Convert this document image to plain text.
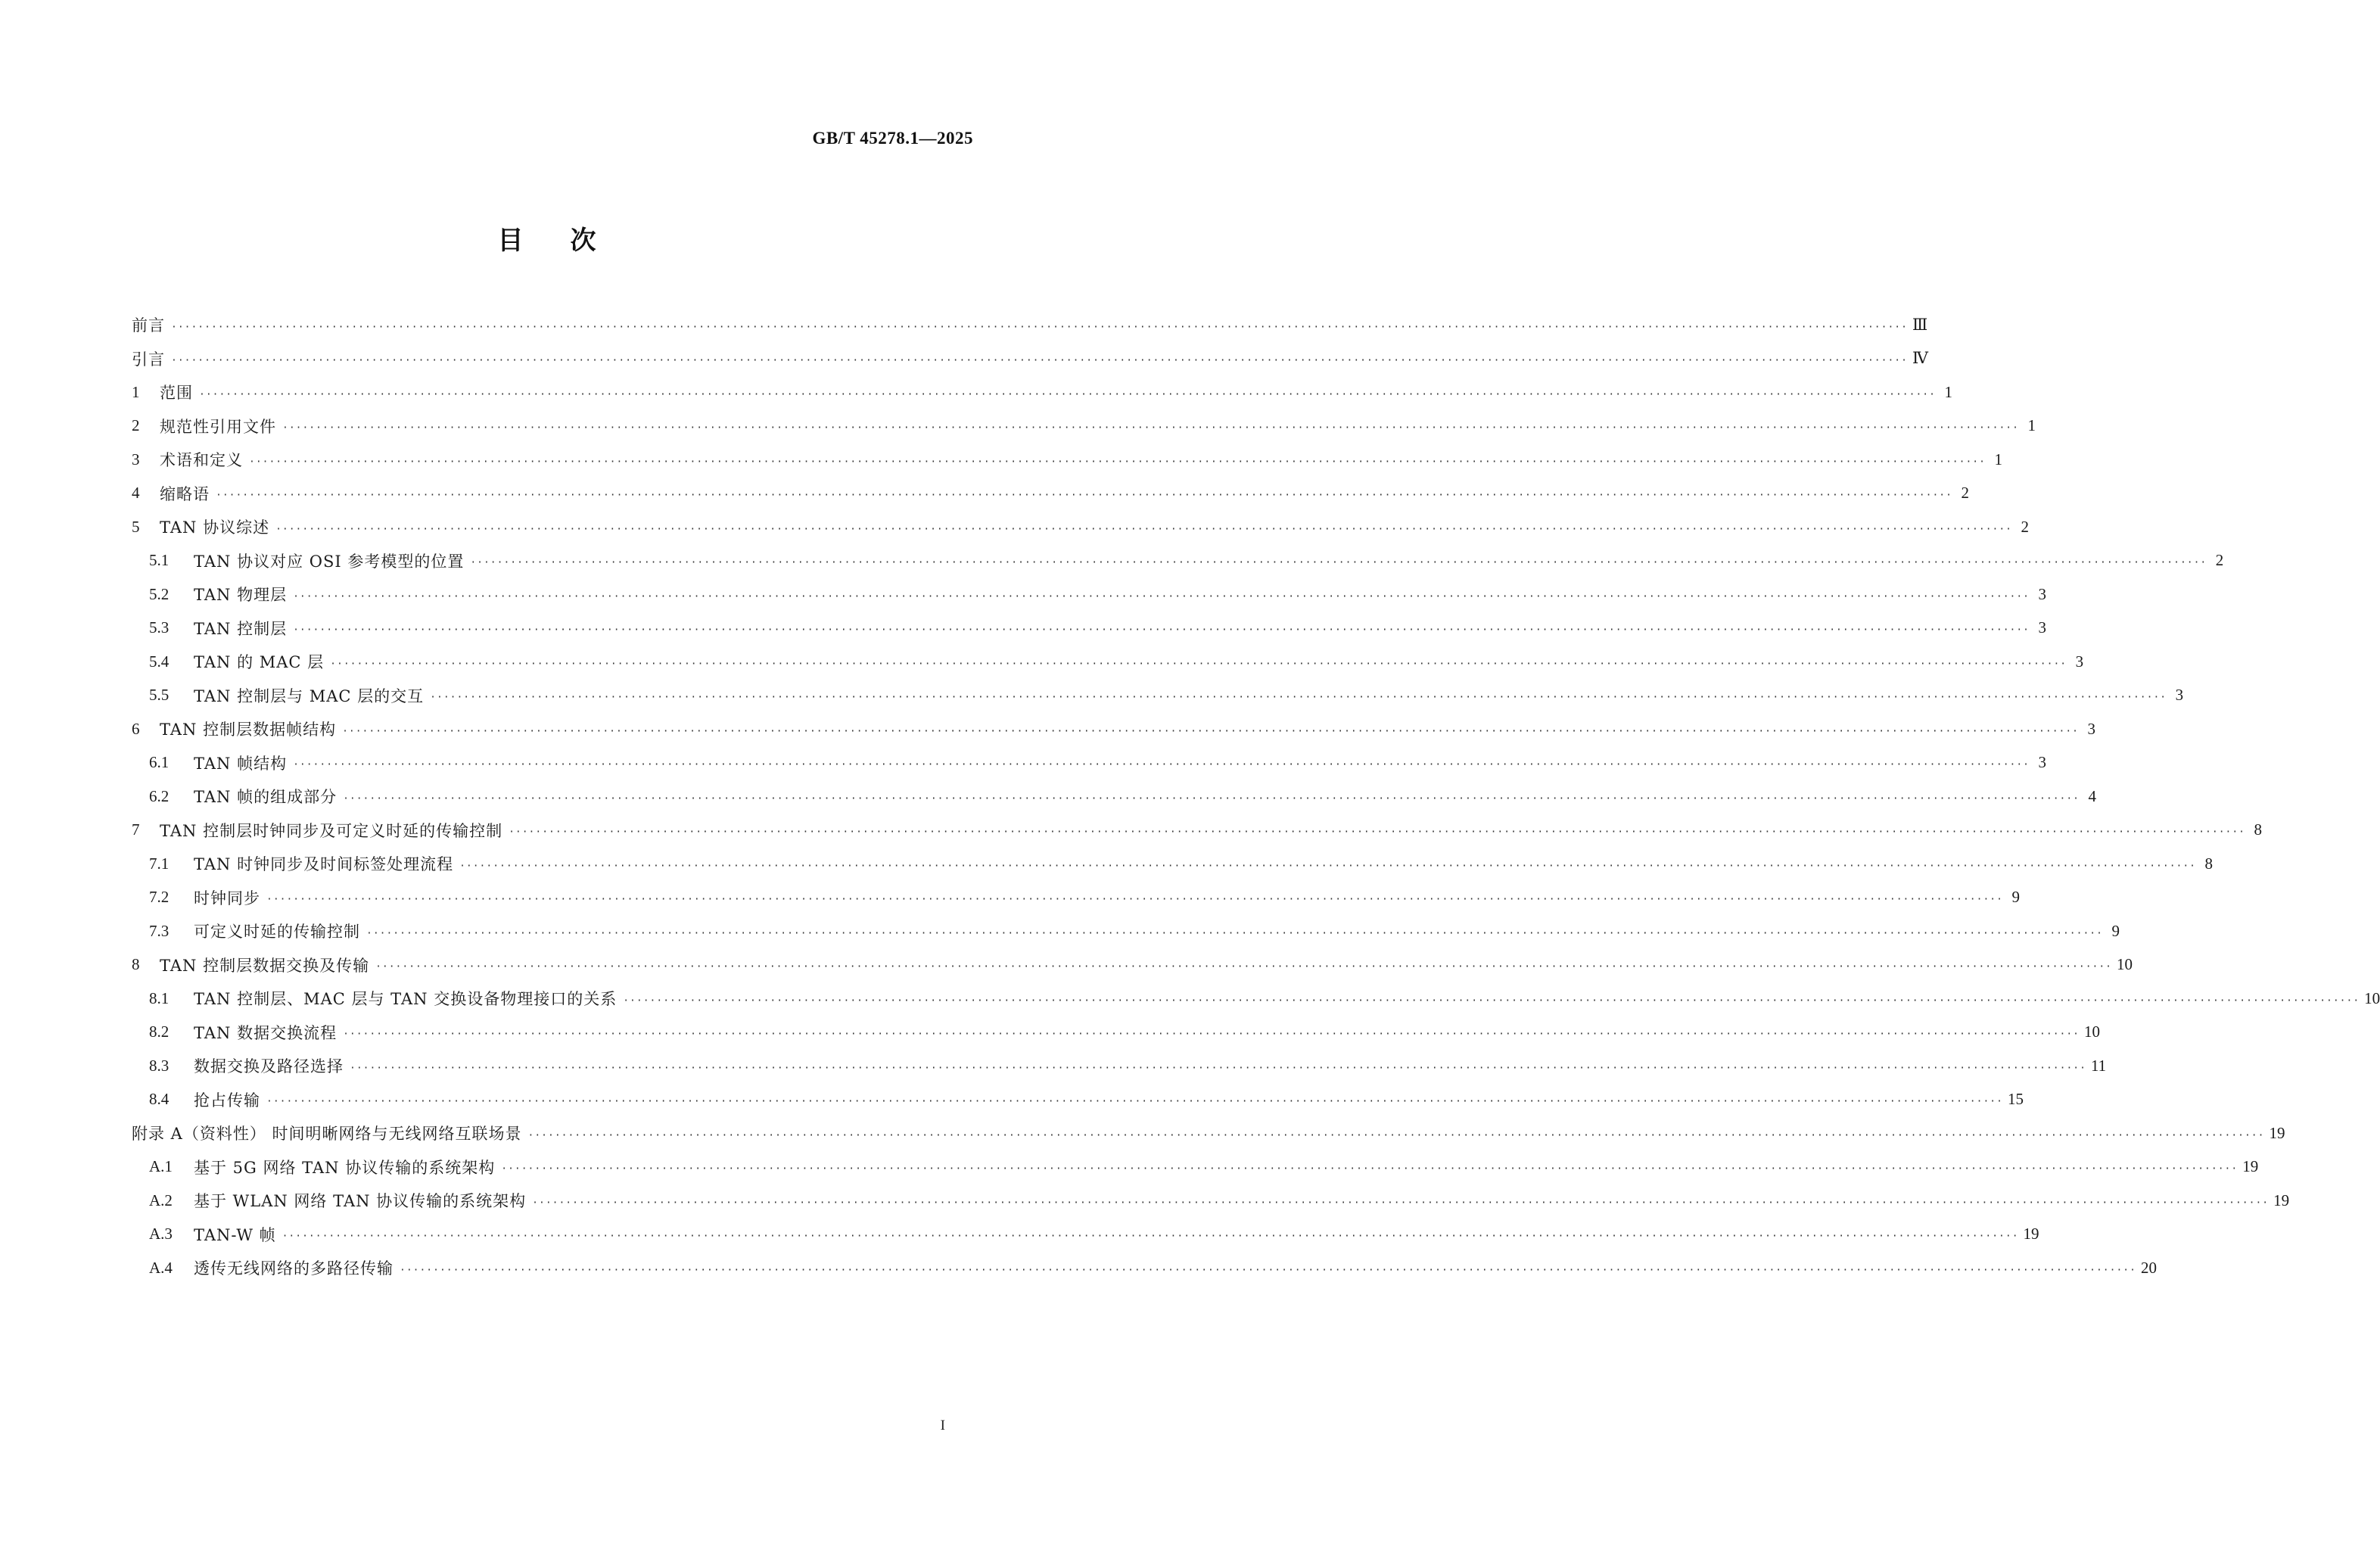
GB/T 45278.1—2025
目次
前言 ···································································································································································································································································· Ⅲ
引言 ···································································································································································································································································· Ⅳ
1	范围 ···································································································································································································································································· 1
2	规范性引用文件 ···································································································································································································································································· 1
3	术语和定义 ···································································································································································································································································· 1
4	缩略语 ···································································································································································································································································· 2
5	TAN 协议综述 ···································································································································································································································································· 2
5.1	TAN 协议对应 OSI 参考模型的位置 ···································································································································································································································································· 2
5.2	TAN 物理层 ···································································································································································································································································· 3
5.3	TAN 控制层 ···································································································································································································································································· 3
5.4	TAN 的 MAC 层 ···································································································································································································································································· 3
5.5	TAN 控制层与 MAC 层的交互 ···································································································································································································································································· 3
6	TAN 控制层数据帧结构 ···································································································································································································································································· 3
6.1	TAN 帧结构 ···································································································································································································································································· 3
6.2	TAN 帧的组成部分 ···································································································································································································································································· 4
7	TAN 控制层时钟同步及可定义时延的传输控制 ···································································································································································································································································· 8
7.1	TAN 时钟同步及时间标签处理流程 ···································································································································································································································································· 8
7.2	时钟同步 ···································································································································································································································································· 9
7.3	可定义时延的传输控制 ···································································································································································································································································· 9
8	TAN 控制层数据交换及传输 ···································································································································································································································································· 10
8.1	TAN 控制层、MAC 层与 TAN 交换设备物理接口的关系 ···································································································································································································································································· 10
8.2	TAN 数据交换流程 ···································································································································································································································································· 10
8.3	数据交换及路径选择 ···································································································································································································································································· 11
8.4	抢占传输 ···································································································································································································································································· 15
附录 A（资料性） 时间明晰网络与无线网络互联场景 ···································································································································································································································································· 19
A.1	基于 5G 网络 TAN 协议传输的系统架构 ···································································································································································································································································· 19
A.2	基于 WLAN 网络 TAN 协议传输的系统架构 ···································································································································································································································································· 19
A.3	TAN-W 帧 ···································································································································································································································································· 19
A.4	透传无线网络的多路径传输 ···································································································································································································································································· 20
I
